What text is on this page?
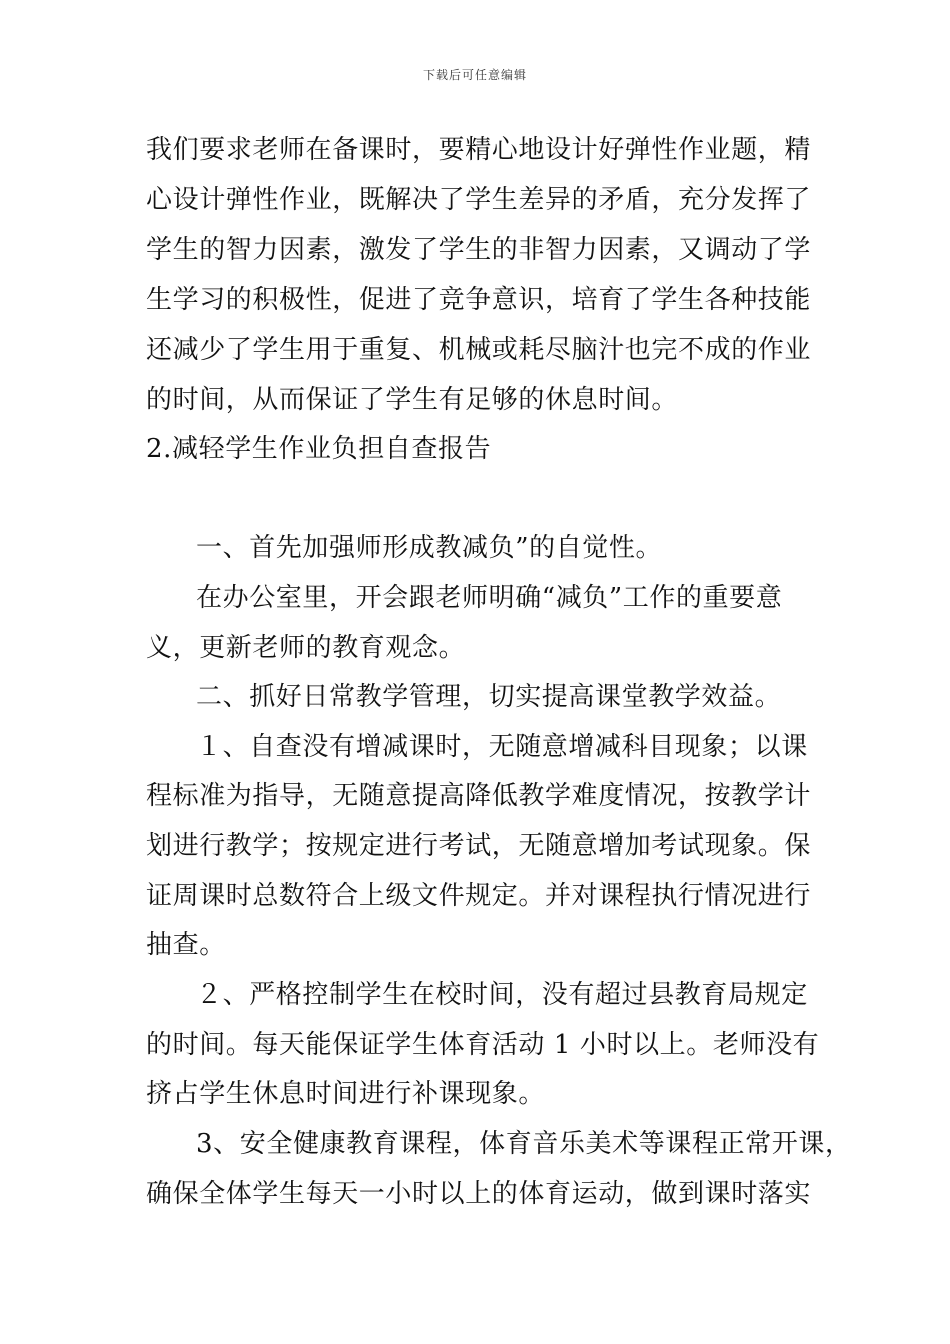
下载后可任意编辑
我们要求老师在备课时，要精心地设计好弹性作业题，精
心设计弹性作业，既解决了学生差异的矛盾，充分发挥了
学生的智力因素，激发了学生的非智力因素，又调动了学
生学习的积极性，促进了竞争意识，培育了学生各种技能
还减少了学生用于重复、机械或耗尽脑汁也完不成的作业
的时间，从而保证了学生有足够的休息时间。
2.减轻学生作业负担自查报告
一、首先加强师形成教减负”的自觉性。
在办公室里，开会跟老师明确“减负”工作的重要意
义，更新老师的教育观念。
二、抓好日常教学管理，切实提高课堂教学效益。
１、自查没有增减课时，无随意增减科目现象；以课
程标准为指导，无随意提高降低教学难度情况，按教学计
划进行教学；按规定进行考试，无随意增加考试现象。保
证周课时总数符合上级文件规定。并对课程执行情况进行
抽查。
２、严格控制学生在校时间，没有超过县教育局规定
的时间。每天能保证学生体育活动 1 小时以上。老师没有
挤占学生休息时间进行补课现象。
3、安全健康教育课程，体育音乐美术等课程正常开课，
确保全体学生每天一小时以上的体育运动，做到课时落实
